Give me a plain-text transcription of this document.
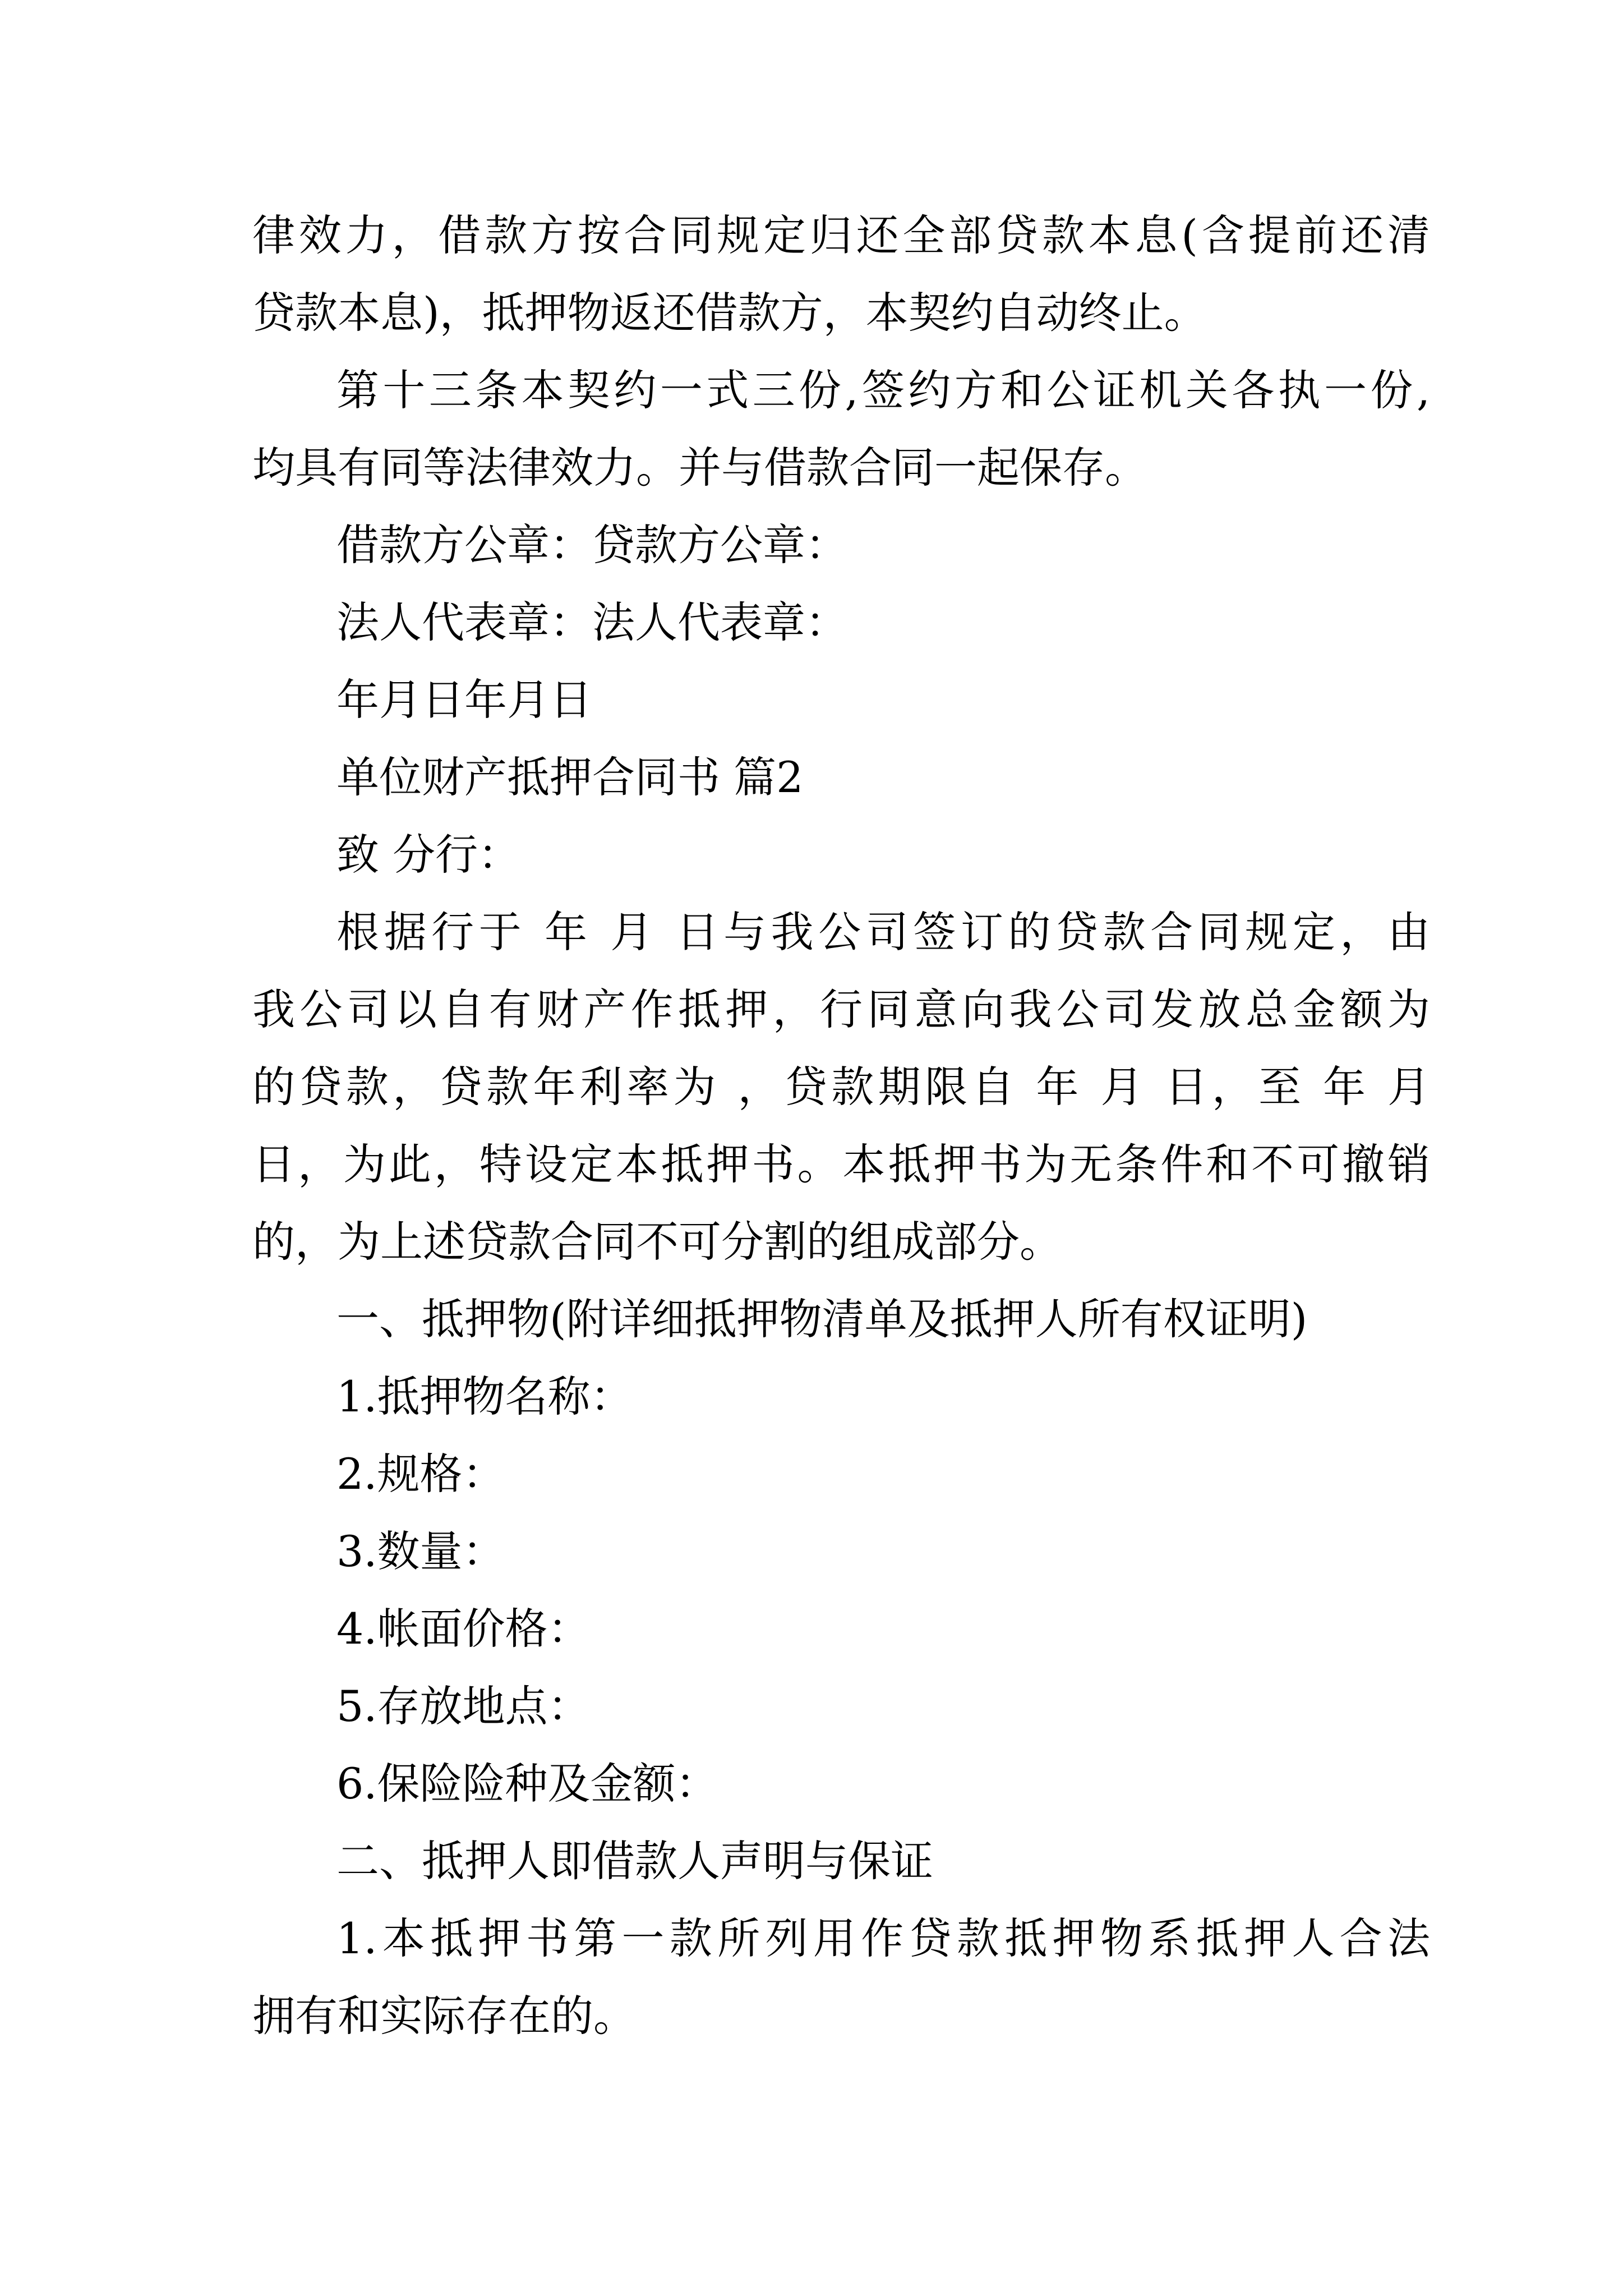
律效力，借款方按合同规定归还全部贷款本息(含提前还清

贷款本息)，抵押物返还借款方，本契约自动终止。

第十三条本契约一式三份,签约方和公证机关各执一份,

均具有同等法律效力。并与借款合同一起保存。

借款方公章：贷款方公章：

法人代表章：法人代表章：

年月日年月日

单位财产抵押合同书 篇2

致 分行：

根据行于 年 月 日与我公司签订的贷款合同规定，由

我公司以自有财产作抵押，行同意向我公司发放总金额为

的贷款，贷款年利率为 ，贷款期限自 年 月 日，至 年 月

日，为此，特设定本抵押书。本抵押书为无条件和不可撤销

的，为上述贷款合同不可分割的组成部分。

一、抵押物(附详细抵押物清单及抵押人所有权证明)

1.抵押物名称：

2.规格：

3.数量：

4.帐面价格：

5.存放地点：

6.保险险种及金额：

二、抵押人即借款人声明与保证

1.本抵押书第一款所列用作贷款抵押物系抵押人合法

拥有和实际存在的。
